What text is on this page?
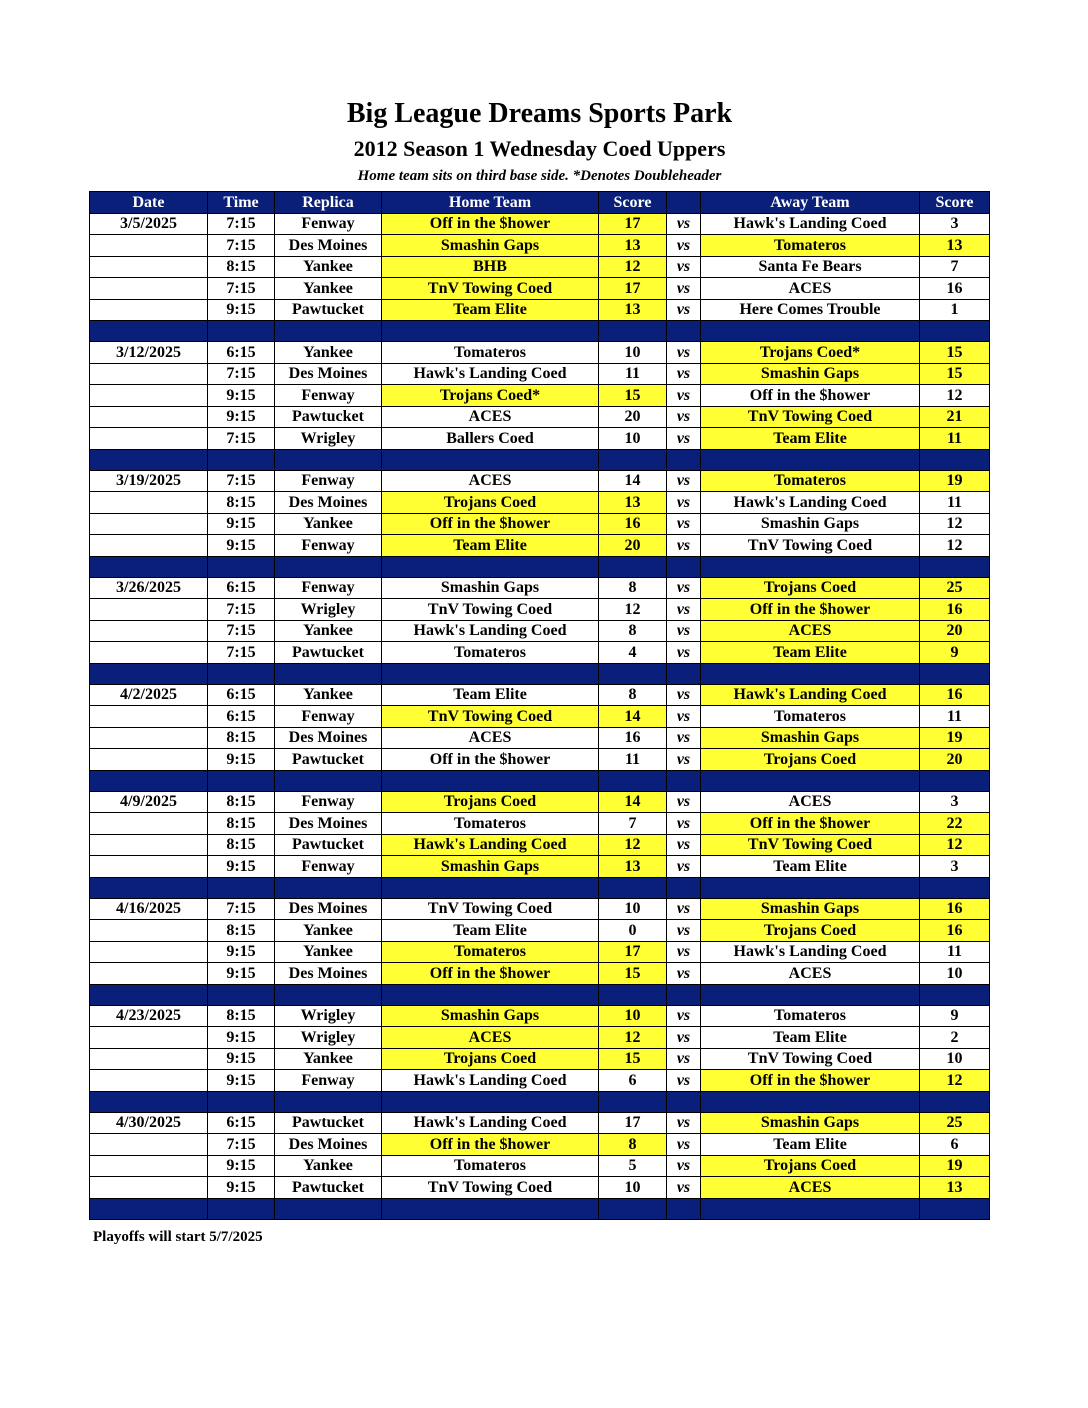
Big League Dreams Sports Park
2012 Season 1 Wednesday Coed Uppers
Home team sits on third base side. *Denotes Doubleheader
Date	Time	Replica	Home Team	Score		Away Team	Score
3/5/2025	7:15	Fenway	Off in the $hower	17	vs	Hawk's Landing Coed	3
	7:15	Des Moines	Smashin Gaps	13	vs	Tomateros	13
	8:15	Yankee	BHB	12	vs	Santa Fe Bears	7
	7:15	Yankee	TnV Towing Coed	17	vs	ACES	16
	9:15	Pawtucket	Team Elite	13	vs	Here Comes Trouble	1

3/12/2025	6:15	Yankee	Tomateros	10	vs	Trojans Coed*	15
	7:15	Des Moines	Hawk's Landing Coed	11	vs	Smashin Gaps	15
	9:15	Fenway	Trojans Coed*	15	vs	Off in the $hower	12
	9:15	Pawtucket	ACES	20	vs	TnV Towing Coed	21
	7:15	Wrigley	Ballers Coed	10	vs	Team Elite	11

3/19/2025	7:15	Fenway	ACES	14	vs	Tomateros	19
	8:15	Des Moines	Trojans Coed	13	vs	Hawk's Landing Coed	11
	9:15	Yankee	Off in the $hower	16	vs	Smashin Gaps	12
	9:15	Fenway	Team Elite	20	vs	TnV Towing Coed	12

3/26/2025	6:15	Fenway	Smashin Gaps	8	vs	Trojans Coed	25
	7:15	Wrigley	TnV Towing Coed	12	vs	Off in the $hower	16
	7:15	Yankee	Hawk's Landing Coed	8	vs	ACES	20
	7:15	Pawtucket	Tomateros	4	vs	Team Elite	9

4/2/2025	6:15	Yankee	Team Elite	8	vs	Hawk's Landing Coed	16
	6:15	Fenway	TnV Towing Coed	14	vs	Tomateros	11
	8:15	Des Moines	ACES	16	vs	Smashin Gaps	19
	9:15	Pawtucket	Off in the $hower	11	vs	Trojans Coed	20

4/9/2025	8:15	Fenway	Trojans Coed	14	vs	ACES	3
	8:15	Des Moines	Tomateros	7	vs	Off in the $hower	22
	8:15	Pawtucket	Hawk's Landing Coed	12	vs	TnV Towing Coed	12
	9:15	Fenway	Smashin Gaps	13	vs	Team Elite	3

4/16/2025	7:15	Des Moines	TnV Towing Coed	10	vs	Smashin Gaps	16
	8:15	Yankee	Team Elite	0	vs	Trojans Coed	16
	9:15	Yankee	Tomateros	17	vs	Hawk's Landing Coed	11
	9:15	Des Moines	Off in the $hower	15	vs	ACES	10

4/23/2025	8:15	Wrigley	Smashin Gaps	10	vs	Tomateros	9
	9:15	Wrigley	ACES	12	vs	Team Elite	2
	9:15	Yankee	Trojans Coed	15	vs	TnV Towing Coed	10
	9:15	Fenway	Hawk's Landing Coed	6	vs	Off in the $hower	12

4/30/2025	6:15	Pawtucket	Hawk's Landing Coed	17	vs	Smashin Gaps	25
	7:15	Des Moines	Off in the $hower	8	vs	Team Elite	6
	9:15	Yankee	Tomateros	5	vs	Trojans Coed	19
	9:15	Pawtucket	TnV Towing Coed	10	vs	ACES	13

Playoffs will start 5/7/2025
